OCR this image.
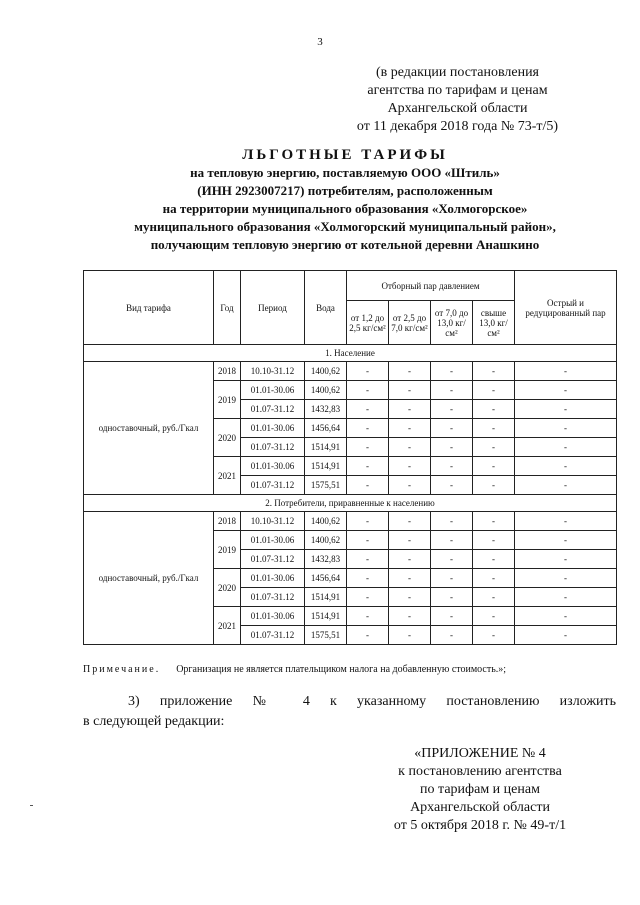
3
(в редакции постановления
агентства по тарифам и ценам
Архангельской области
от 11 декабря 2018 года № 73-т/5)
ЛЬГОТНЫЕ ТАРИФЫ
на тепловую энергию, поставляемую ООО «Штиль»
(ИНН 2923007217) потребителям, расположенным
на территории муниципального образования «Холмогорское»
муниципального образования «Холмогорский муниципальный район»,
получающим тепловую энергию от котельной деревни Анашкино
Вид тарифа	Год	Период	Вода	Отборный пар давлением				Острый и редуцированный пар
				от 1,2 до 2,5 кг/см²	от 2,5 до 7,0 кг/см²	от 7,0 до 13,0 кг/см²	свыше 13,0 кг/см²	
1. Население								
одноставочный, руб./Гкал	2018	10.10-31.12	1400,62	-	-	-	-	-
	2019	01.01-30.06	1400,62	-	-	-	-	-
		01.07-31.12	1432,83	-	-	-	-	-
	2020	01.01-30.06	1456,64	-	-	-	-	-
		01.07-31.12	1514,91	-	-	-	-	-
	2021	01.01-30.06	1514,91	-	-	-	-	-
		01.07-31.12	1575,51	-	-	-	-	-
2. Потребители, приравненные к населению								
одноставочный, руб./Гкал	2018	10.10-31.12	1400,62	-	-	-	-	-
	2019	01.01-30.06	1400,62	-	-	-	-	-
		01.07-31.12	1432,83	-	-	-	-	-
	2020	01.01-30.06	1456,64	-	-	-	-	-
		01.07-31.12	1514,91	-	-	-	-	-
	2021	01.01-30.06	1514,91	-	-	-	-	-
		01.07-31.12	1575,51	-	-	-	-	-
Примечание. Организация не является плательщиком налога на добавленную стоимость.»;
3) приложение № 4 к указанному постановлению изложить
в следующей редакции:
«ПРИЛОЖЕНИЕ № 4
к постановлению агентства
по тарифам и ценам
Архангельской области
от 5 октября 2018 г. № 49-т/1
